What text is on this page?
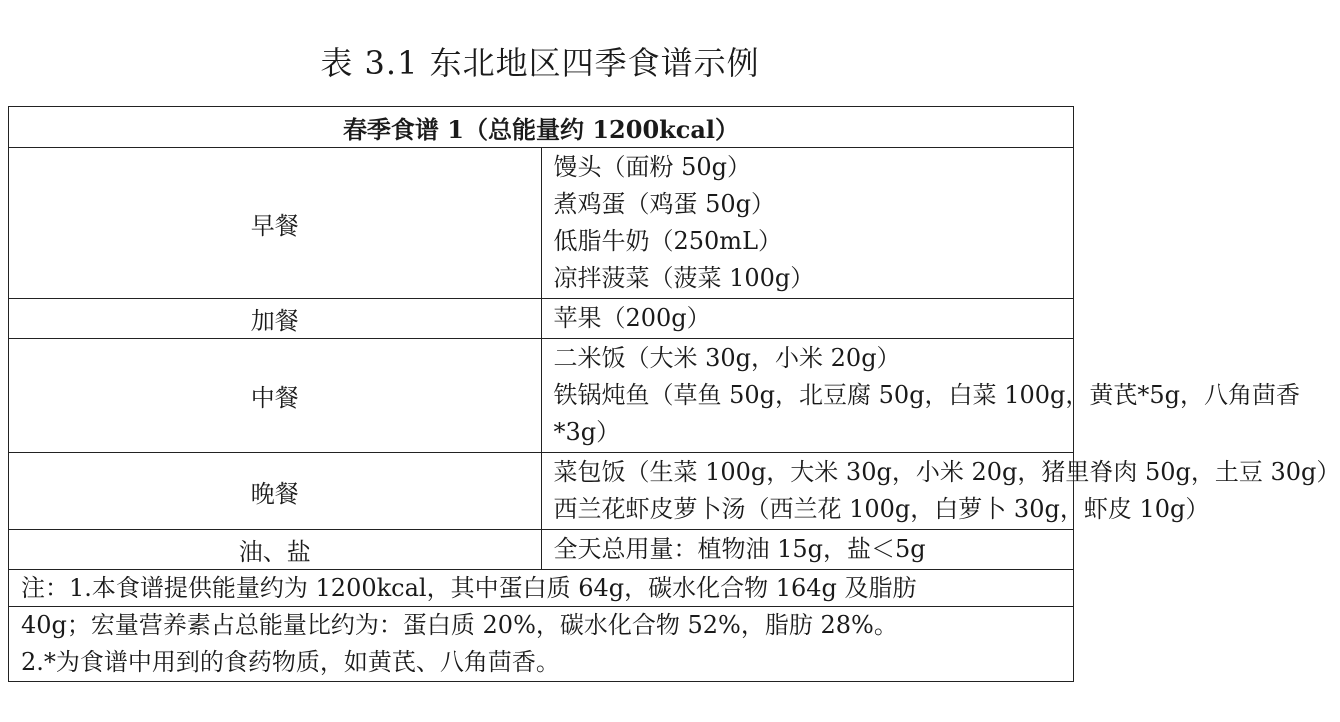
表 3.1 东北地区四季食谱示例
春季食谱 1（总能量约 1200kcal）	
早餐	馒头（面粉 50g）
煮鸡蛋（鸡蛋 50g）
低脂牛奶（250mL）
凉拌菠菜（菠菜 100g）

加餐	苹果（200g）

中餐	二米饭（大米 30g，小米 20g）
铁锅炖鱼（草鱼 50g，北豆腐 50g，白菜 100g，黄芪*5g，八角茴香
*3g）

晚餐	菜包饭（生菜 100g，大米 30g，小米 20g，猪里脊肉 50g，土豆 30g）
西兰花虾皮萝卜汤（西兰花 100g，白萝卜 30g，虾皮 10g）

油、盐	全天总用量：植物油 15g，盐＜5g

注：1.本食谱提供能量约为 1200kcal，其中蛋白质 64g，碳水化合物 164g 及脂肪	

40g；宏量营养素占总能量比约为：蛋白质 20%，碳水化合物 52%，脂肪 28%。
2.*为食谱中用到的食药物质，如黄芪、八角茴香。	
